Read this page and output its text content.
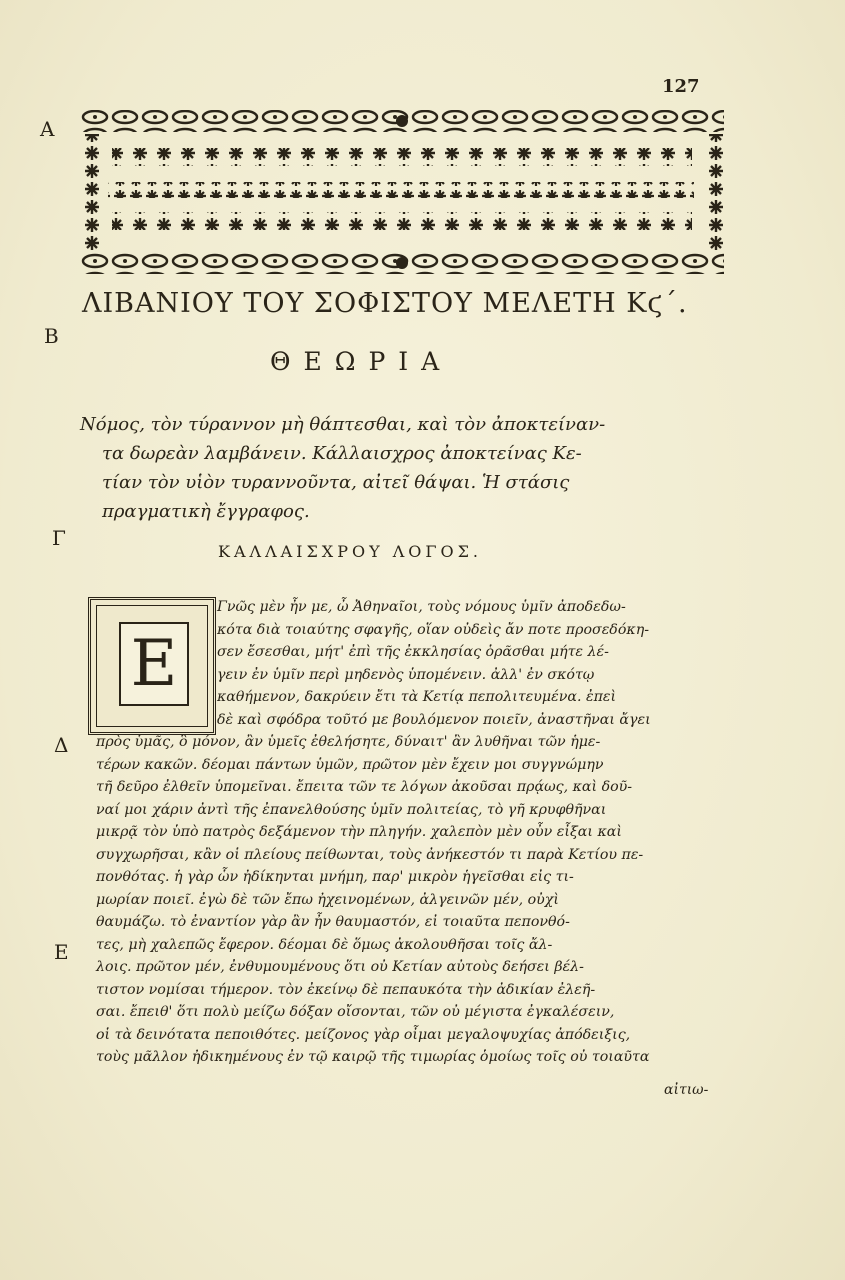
127
A
B
Γ
Δ
E
ΛΙΒΑΝΙΟΥ ΤΟΥ ΣΟΦΙΣΤΟΥ ΜΕΛΕΤΗ Κϛ΄.
ΘΕΩΡΙΑ
Νόμος, τὸν τύραννον μὴ θάπτεσθαι, καὶ τὸν ἀποκτείναν-
τα δωρεὰν λαμβάνειν. Κάλλαισχρος ἀποκτείνας Κε-
τίαν τὸν υἱὸν τυραννοῦντα, αἰτεῖ θάψαι. Ἡ στάσις
πραγματικὴ ἔγγραφος.
ΚΑΛΛΑΙΣΧΡΟΥ ΛΟΓΟΣ.
E
Γνῶς μὲν ἦν με, ὦ Ἀθηναῖοι, τοὺς νόμους ὑμῖν ἀποδεδω-
κότα διὰ τοιαύτης σφαγῆς, οἵαν οὐδεὶς ἄν ποτε προσεδόκη-
σεν ἔσεσθαι, μήτ' ἐπὶ τῆς ἐκκλησίας ὁρᾶσθαι μήτε λέ-
γειν ἐν ὑμῖν περὶ μηδενὸς ὑπομένειν. ἀλλ' ἐν σκότῳ
καθήμενον, δακρύειν ἔτι τὰ Κετίᾳ πεπολιτευμένα. ἐπεὶ
δὲ καὶ σφόδρα τοῦτό με βουλόμενον ποιεῖν, ἀναστῆναι ἄγει
πρὸς ὑμᾶς, ὃ μόνον, ἂν ὑμεῖς ἐθελήσητε, δύναιτ' ἂν λυθῆναι τῶν ἡμε-
τέρων κακῶν. δέομαι πάντων ὑμῶν, πρῶτον μὲν ἔχειν μοι συγγνώμην
τῆ δεῦρο ἐλθεῖν ὑπομεῖναι. ἔπειτα τῶν τε λόγων ἀκοῦσαι πρᾴως, καὶ δοῦ-
ναί μοι χάριν ἀντὶ τῆς ἐπανελθούσης ὑμῖν πολιτείας, τὸ γῆ κρυφθῆναι
μικρᾷ τὸν ὑπὸ πατρὸς δεξάμενον τὴν πληγήν. χαλεπὸν μὲν οὖν εἶξαι καὶ
συγχωρῆσαι, κἂν οἱ πλείους πείθωνται, τοὺς ἀνήκεστόν τι παρὰ Κετίου πε-
πονθότας. ἡ γὰρ ὧν ἠδίκηνται μνήμη, παρ' μικρὸν ἡγεῖσθαι εἰς τι-
μωρίαν ποιεῖ. ἐγὼ δὲ τῶν ἔπω ἠχεινομένων, ἀλγεινῶν μέν, οὐχὶ
θαυμάζω. τὸ ἐναντίον γὰρ ἂν ἦν θαυμαστόν, εἰ τοιαῦτα πεπονθό-
τες, μὴ χαλεπῶς ἔφερον. δέομαι δὲ ὅμως ἀκολουθῆσαι τοῖς ἄλ-
λοις. πρῶτον μέν, ἐνθυμουμένους ὅτι οὐ Κετίαν αὐτοὺς δεήσει βέλ-
τιστον νομίσαι τήμερον. τὸν ἐκείνῳ δὲ πεπαυκότα τὴν ἀδικίαν ἐλεῆ-
σαι. ἔπειθ' ὅτι πολὺ μείζω δόξαν οἴσονται, τῶν οὐ μέγιστα ἐγκαλέσειν,
οἱ τὰ δεινότατα πεποιθότες. μείζονος γὰρ οἶμαι μεγαλοψυχίας ἀπόδειξις,
τοὺς μᾶλλον ἠδικημένους ἐν τῷ καιρῷ τῆς τιμωρίας ὁμοίως τοῖς οὐ τοιαῦτα
αἰτιω-
